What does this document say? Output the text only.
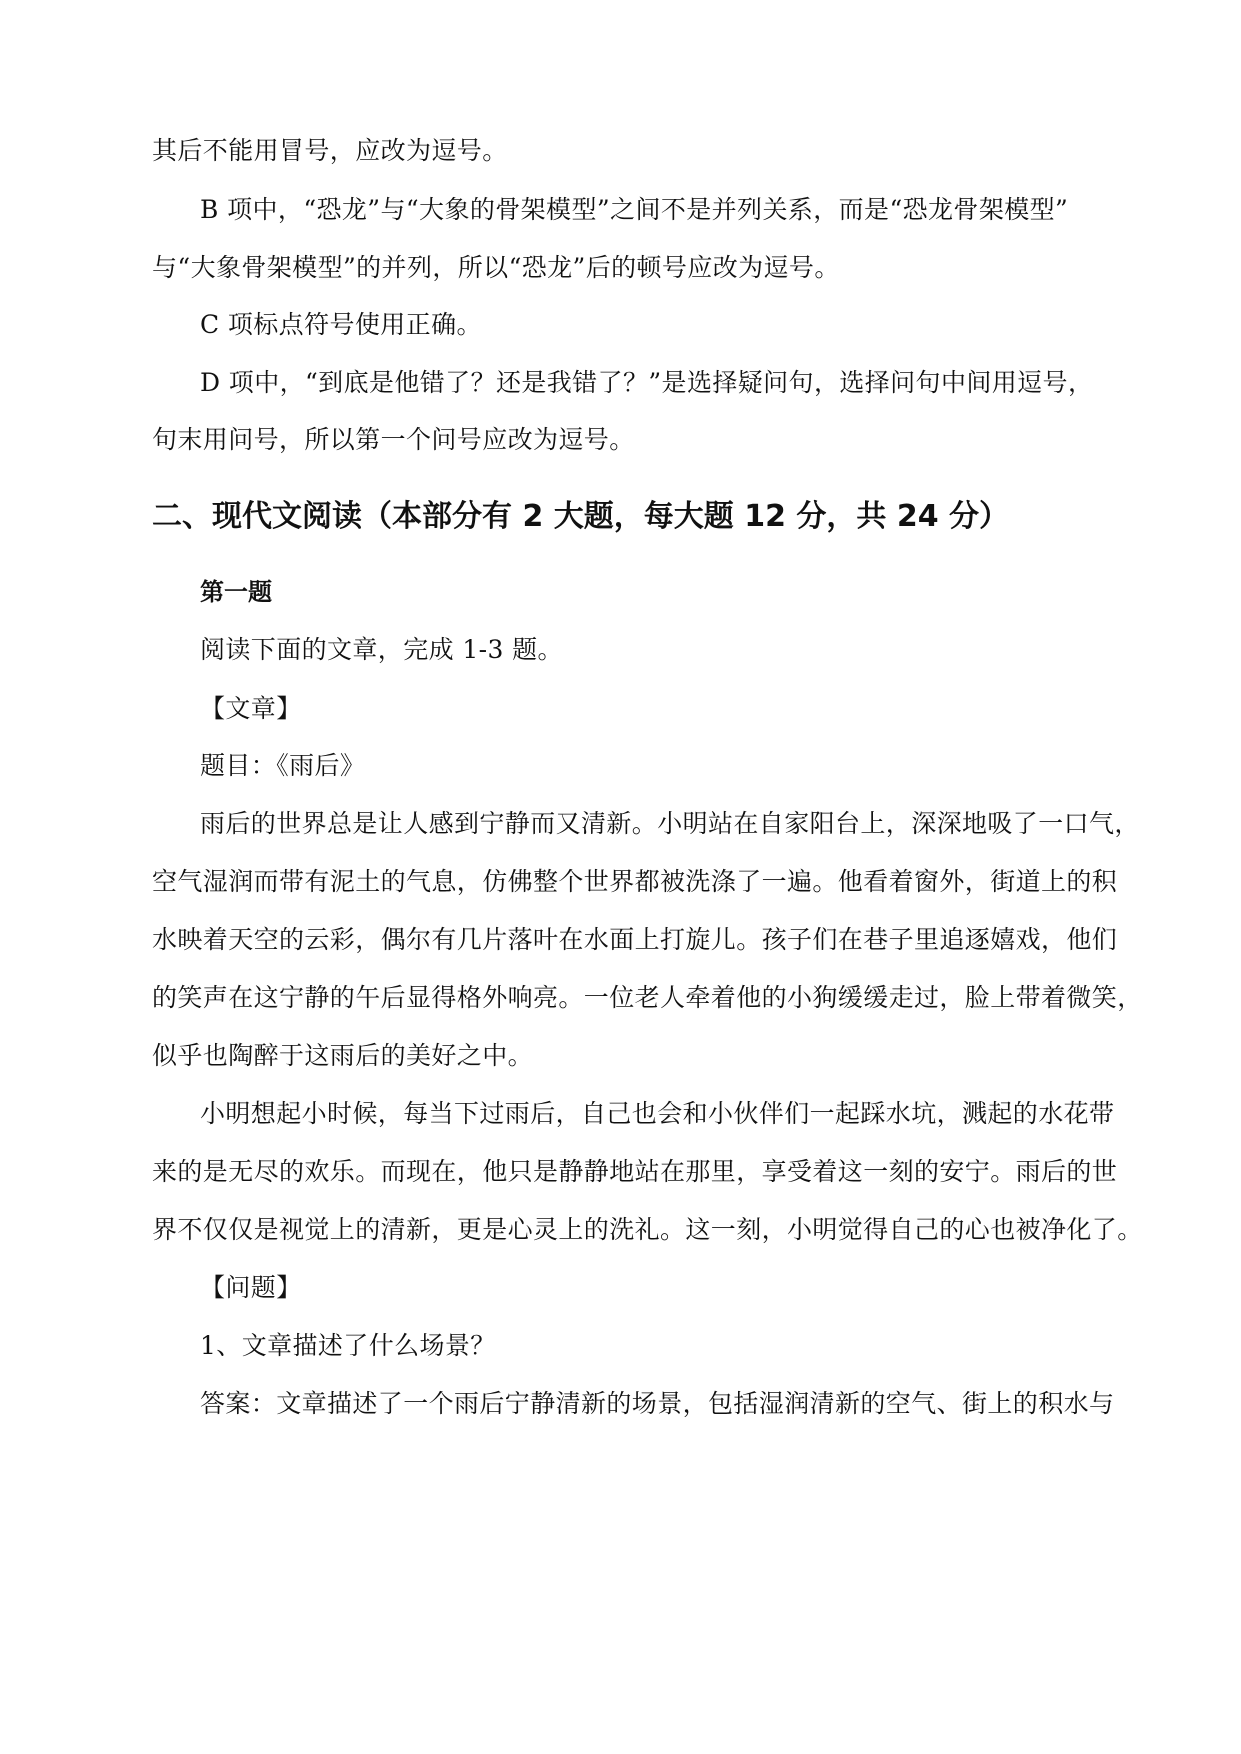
其后不能用冒号，应改为逗号。

B 项中，“恐龙”与“大象的骨架模型”之间不是并列关系，而是“恐龙骨架模型”

与“大象骨架模型”的并列，所以“恐龙”后的顿号应改为逗号。

C 项标点符号使用正确。

D 项中，“到底是他错了？还是我错了？”是选择疑问句，选择问句中间用逗号，

句末用问号，所以第一个问号应改为逗号。

二、现代文阅读（本部分有 2 大题，每大题 12 分，共 24 分）

第一题

阅读下面的文章，完成 1-3 题。

【文章】

题目：《雨后》

雨后的世界总是让人感到宁静而又清新。小明站在自家阳台上，深深地吸了一口气，

空气湿润而带有泥土的气息，仿佛整个世界都被洗涤了一遍。他看着窗外，街道上的积

水映着天空的云彩，偶尔有几片落叶在水面上打旋儿。孩子们在巷子里追逐嬉戏，他们

的笑声在这宁静的午后显得格外响亮。一位老人牵着他的小狗缓缓走过，脸上带着微笑，

似乎也陶醉于这雨后的美好之中。

小明想起小时候，每当下过雨后，自己也会和小伙伴们一起踩水坑，溅起的水花带

来的是无尽的欢乐。而现在，他只是静静地站在那里，享受着这一刻的安宁。雨后的世

界不仅仅是视觉上的清新，更是心灵上的洗礼。这一刻，小明觉得自己的心也被净化了。

【问题】

1、文章描述了什么场景？

答案：文章描述了一个雨后宁静清新的场景，包括湿润清新的空气、街上的积水与
